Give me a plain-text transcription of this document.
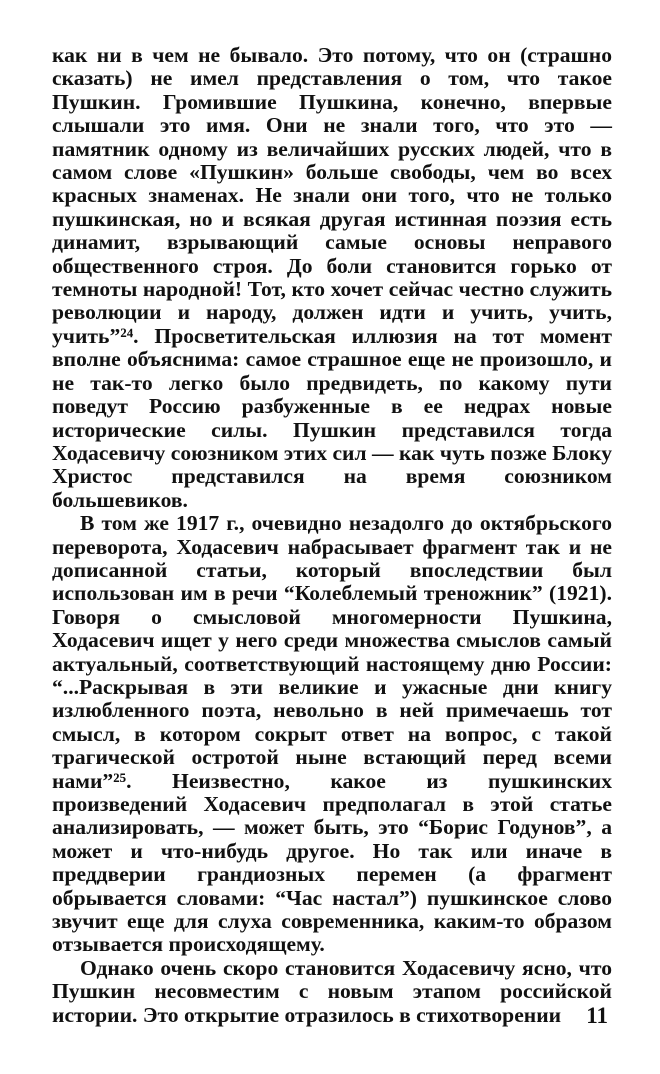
как ни в чем не бывало. Это потому, что он (страшно сказать) не имел представления о том, что такое Пушкин. Громившие Пушкина, конечно, впервые слышали это имя. Они не знали того, что это — памятник одному из величайших русских людей, что в самом слове «Пушкин» больше свободы, чем во всех красных знаменах. Не знали они того, что не только пушкинская, но и всякая другая истинная поэзия есть динамит, взрывающий самые основы неправого общественного строя. До боли становится горько от темноты народной! Тот, кто хочет сейчас честно служить революции и народу, должен идти и учить, учить, учить”²⁴. Просветительская иллюзия на тот момент вполне объяснима: самое страшное еще не произошло, и не так-то легко было предвидеть, по какому пути поведут Россию разбуженные в ее недрах новые исторические силы. Пушкин представился тогда Ходасевичу союзником этих сил — как чуть позже Блоку Христос представился на время союзником большевиков.

В том же 1917 г., очевидно незадолго до октябрьского переворота, Ходасевич набрасывает фрагмент так и не дописанной статьи, который впоследствии был использован им в речи “Колеблемый треножник” (1921). Говоря о смысловой многомерности Пушкина, Ходасевич ищет у него среди множества смыслов самый актуальный, соответствующий настоящему дню России: “...Раскрывая в эти великие и ужасные дни книгу излюбленного поэта, невольно в ней примечаешь тот смысл, в котором сокрыт ответ на вопрос, с такой трагической остротой ныне встающий перед всеми нами”²⁵. Неизвестно, какое из пушкинских произведений Ходасевич предполагал в этой статье анализировать, — может быть, это “Борис Годунов”, а может и что-нибудь другое. Но так или иначе в преддверии грандиозных перемен (а фрагмент обрывается словами: “Час настал”) пушкинское слово звучит еще для слуха современника, каким-то образом отзывается происходящему.

Однако очень скоро становится Ходасевичу ясно, что Пушкин несовместим с новым этапом российской истории. Это открытие отразилось в стихотворении	11
